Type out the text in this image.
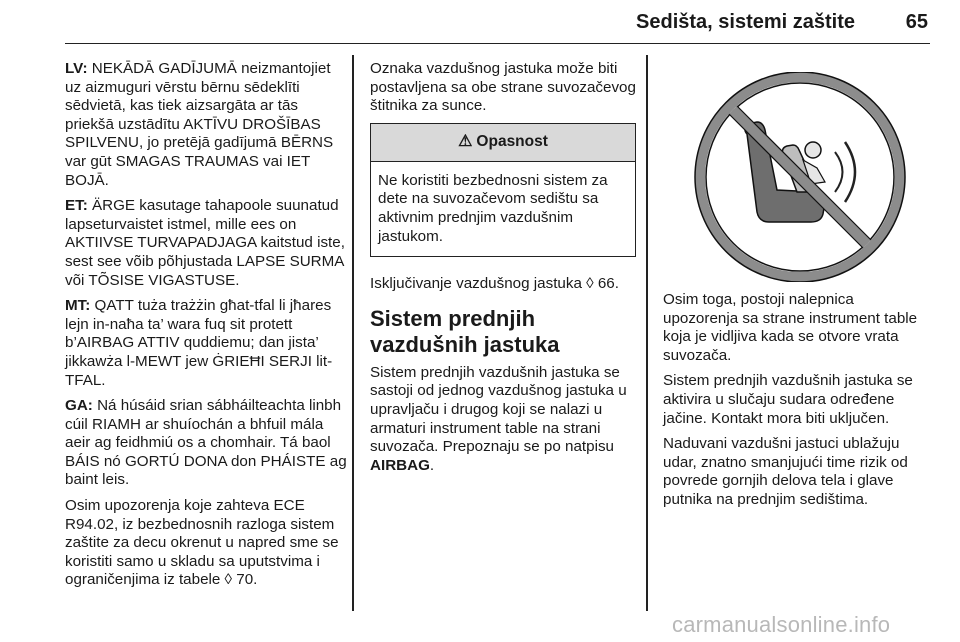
Sedišta, sistemi zaštite	65

LV: NEKĀDĀ GADĪJUMĀ neizmantojiet uz aizmuguri vērstu bērnu sēdeklīti sēdvietā, kas tiek aizsargāta ar tās priekšā uzstādītu AKTĪVU DROŠĪBAS SPILVENU, jo pretējā gadījumā BĒRNS var gūt SMAGAS TRAUMAS vai IET BOJĀ.

ET: ÄRGE kasutage tahapoole suunatud lapseturvaistet istmel, mille ees on AKTIIVSE TURVAPADJAGA kaitstud iste, sest see võib põhjustada LAPSE SURMA või TÕSISE VIGASTUSE.

MT: QATT tuża trażżin għat-tfal li jħares lejn in-naħa ta’ wara fuq sit protett b’AIRBAG ATTIV quddiemu; dan jista’ jikkawża l-MEWT jew ĠRIEĦI SERJI lit-TFAL.

GA: Ná húsáid srian sábháilteachta linbh cúil RIAMH ar shuíochán a bhfuil mála aeir ag feidhmiú os a chomhair. Tá baol BÁIS nó GORTÚ DONA don PHÁISTE ag baint leis.

Osim upozorenja koje zahteva ECE R94.02, iz bezbednosnih razloga sistem zaštite za decu okrenut u napred sme se koristiti samo u skladu sa uputstvima i ograničenjima iz tabele ◊ 70.

Oznaka vazdušnog jastuka može biti postavljena sa obe strane suvozačevog štitnika za sunce.

⚠ Opasnost
Ne koristiti bezbednosni sistem za dete na suvozačevom sedištu sa aktivnim prednjim vazdušnim jastukom.

Isključivanje vazdušnog jastuka ◊ 66.

Sistem prednjih vazdušnih jastuka

Sistem prednjih vazdušnih jastuka se sastoji od jednog vazdušnog jastuka u upravljaču i drugog koji se nalazi u armaturi instrument table na strani suvozača. Prepoznaju se po natpisu AIRBAG.

Osim toga, postoji nalepnica upozorenja sa strane instrument table koja je vidljiva kada se otvore vrata suvozača.

Sistem prednjih vazdušnih jastuka se aktivira u slučaju sudara određene jačine. Kontakt mora biti uključen.

Naduvani vazdušni jastuci ublažuju udar, znatno smanjujući time rizik od povrede gornjih delova tela i glave putnika na prednjim sedištima.

carmanualsonline.info
